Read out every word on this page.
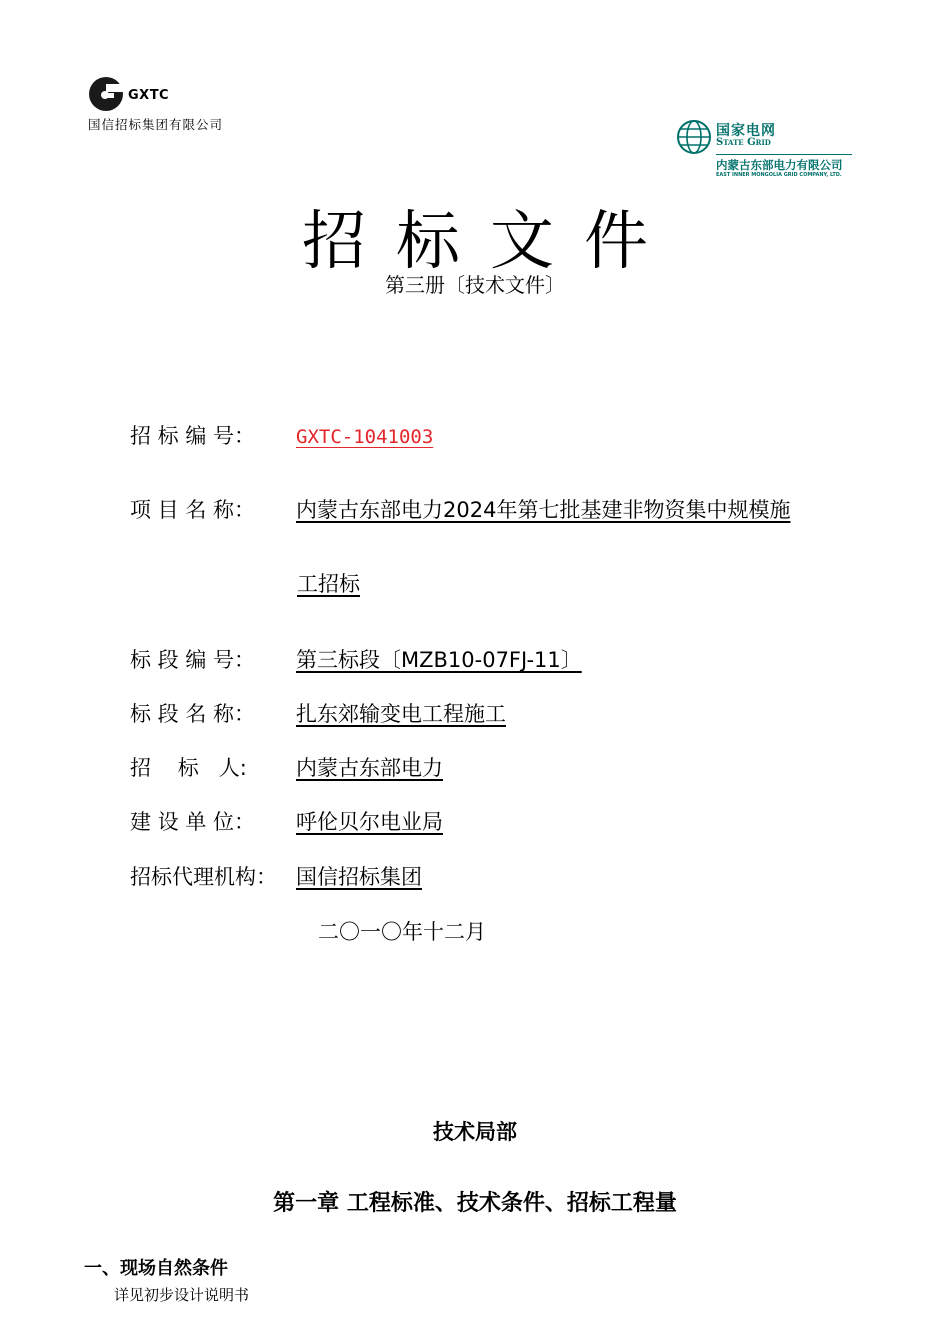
GXTC
国信招标集团有限公司	国家电网
State Grid
内蒙古东部电力有限公司
EAST INNER MONGOLIA GRID COMPANY, LTD.
招标文件
第三册〔技术文件〕
招 标 编 号： GXTC-1041003
项 目 名 称： 内蒙古东部电力2024年第七批基建非物资集中规模施
工招标
标 段 编 号： 第三标段〔MZB10-07FJ-11〕
标 段 名 称： 扎东郊输变电工程施工
招    标   人: 内蒙古东部电力
建 设 单 位： 呼伦贝尔电业局
招标代理机构： 国信招标集团
二〇一〇年十二月
技术局部
第一章 工程标准、技术条件、招标工程量
一、现场自然条件
详见初步设计说明书
